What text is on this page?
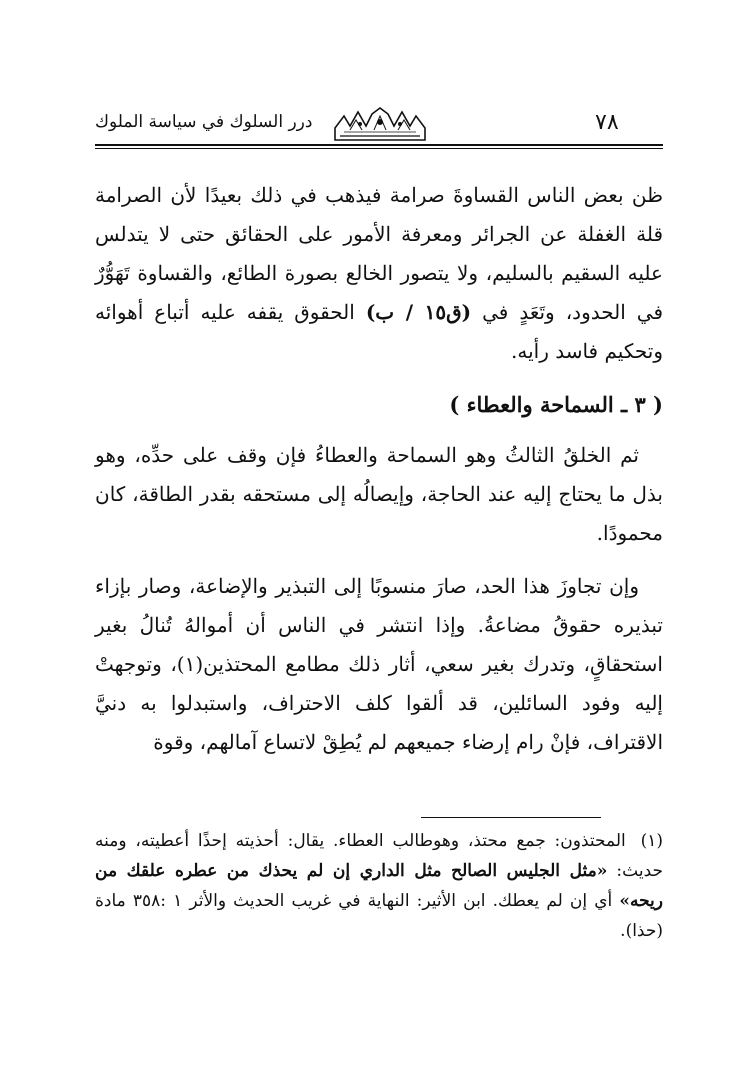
٧٨
درر السلوك في سياسة الملوك

ظن بعض الناس القساوةَ صرامة فيذهب في ذلك بعيدًا لأن الصرامة قلة الغفلة عن الجرائر ومعرفة الأمور على الحقائق حتى لا يتدلس عليه السقيم بالسليم، ولا يتصور الخالع بصورة الطائع، والقساوة تَهَوُّرٌ في الحدود، وتَعَدٍ في (ق١٥ / ب) الحقوق يقفه عليه أتباع أهوائه وتحكيم فاسد رأيه.

( ٣ ـ السماحة والعطاء )

ثم الخلقُ الثالثُ وهو السماحة والعطاءُ فإن وقف على حدِّه، وهو بذل ما يحتاج إليه عند الحاجة، وإيصالُه إلى مستحقه بقدر الطاقة، كان محمودًا.

وإن تجاوزَ هذا الحد، صارَ منسوبًا إلى التبذير والإضاعة، وصار بإزاء تبذيره حقوقُ مضاعةُ. وإذا انتشر في الناس أن أموالهُ تُنالُ بغير استحقاقٍ، وتدرك بغير سعي، أثار ذلك مطامع المحتذين(١)، وتوجهتْ إليه وفود السائلين، قد ألقوا كلف الاحتراف، واستبدلوا به دنيَّ الاقتراف، فإنْ رام إرضاء جميعهم لم يُطِقْ لاتساع آمالهم، وقوة

(١) المحتذون: جمع محتذ، وهوطالب العطاء. يقال: أحذيته إحذًا أعطيته، ومنه حديث: «مثل الجليس الصالح مثل الداري إن لم يحذك من عطره علقك من ريحه» أي إن لم يعطك. ابن الأثير: النهاية في غريب الحديث والأثر ١ :٣٥٨ مادة (حذا).
